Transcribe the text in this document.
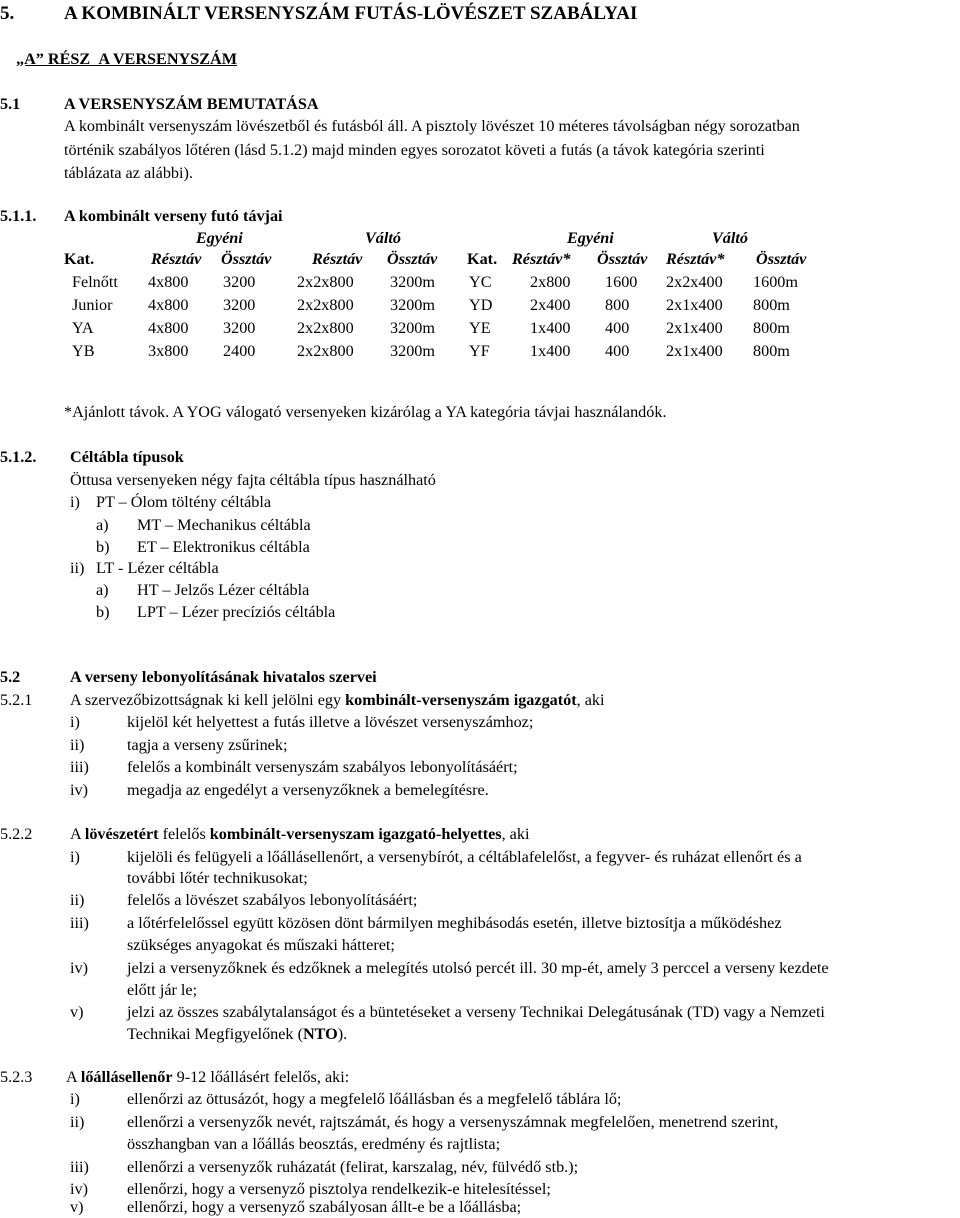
5.	A KOMBINÁLT VERSENYSZÁM FUTÁS-LÖVÉSZET SZABÁLYAI
„A” RÉSZ A VERSENYSZÁM
5.1	A VERSENYSZÁM BEMUTATÁSA
A kombinált versenyszám lövészetből és futásból áll. A pisztoly lövészet 10 méteres távolságban négy sorozatban
történik szabályos lőtéren (lásd 5.1.2) majd minden egyes sorozatot követi a futás (a távok kategória szerinti
táblázata az alábbi).
5.1.1. A kombinált verseny futó távjai
Egyéni	Váltó	Egyéni	Váltó
Kat.	Résztáv Össztáv	Résztáv Össztáv Kat. Résztáv* Össztáv Résztáv* Össztáv
Felnőtt 4x800 3200	2x2x800 3200m YC 2x800 1600 2x2x400 1600m
Junior 4x800 3200	2x2x800 3200m YD 2x400 800 2x1x400 800m
YA	4x800 3200	2x2x800 3200m YE 1x400 400 2x1x400 800m
YB	3x800 2400	2x2x800 3200m YF 1x400 400 2x1x400 800m
*Ajánlott távok. A YOG válogató versenyeken kizárólag a YA kategória távjai használandók.
5.1.2. Céltábla típusok
Öttusa versenyeken négy fajta céltábla típus használható
i) PT – Ólom töltény céltábla
a) MT – Mechanikus céltábla
b) ET – Elektronikus céltábla
ii) LT - Lézer céltábla
a) HT – Jelzős Lézer céltábla
b) LPT – Lézer precíziós céltábla
5.2	A verseny lebonyolításának hivatalos szervei
5.2.1 A szervezőbizottságnak ki kell jelölni egy kombinált-versenyszám igazgatót, aki
i)	kijelöl két helyettest a futás illetve a lövészet versenyszámhoz;
ii)	tagja a verseny zsűrinek;
iii) felelős a kombinált versenyszám szabályos lebonyolításáért;
iv) megadja az engedélyt a versenyzőknek a bemelegítésre.
5.2.2 A lövészetért felelős kombinált-versenyszam igazgató-helyettes, aki
i)	kijelöli és felügyeli a lőállásellenőrt, a versenybírót, a céltáblafelelőst, a fegyver- és ruházat ellenőrt és a
további lőtér technikusokat;
ii)	felelős a lövészet szabályos lebonyolításáért;
iii) a lőtérfelelőssel együtt közösen dönt bármilyen meghibásodás esetén, illetve biztosítja a működéshez
szükséges anyagokat és műszaki hátteret;
iv) jelzi a versenyzőknek és edzőknek a melegítés utolsó percét ill. 30 mp-ét, amely 3 perccel a verseny kezdete
előtt jár le;
v)	jelzi az összes szabálytalanságot és a büntetéseket a verseny Technikai Delegátusának (TD) vagy a Nemzeti
Technikai Megfigyelőnek (NTO).
5.2.3 A lőállásellenőr 9-12 lőállásért felelős, aki:
i)	ellenőrzi az öttusázót, hogy a megfelelő lőállásban és a megfelelő táblára lő;
ii)	ellenőrzi a versenyzők nevét, rajtszámát, és hogy a versenyszámnak megfelelően, menetrend szerint,
összhangban van a lőállás beosztás, eredmény és rajtlista;
iii) ellenőrzi a versenyzők ruházatát (felirat, karszalag, név, fülvédő stb.);
iv) ellenőrzi, hogy a versenyző pisztolya rendelkezik-e hitelesítéssel;
v)	ellenőrzi, hogy a versenyző szabályosan állt-e be a lőállásba;
